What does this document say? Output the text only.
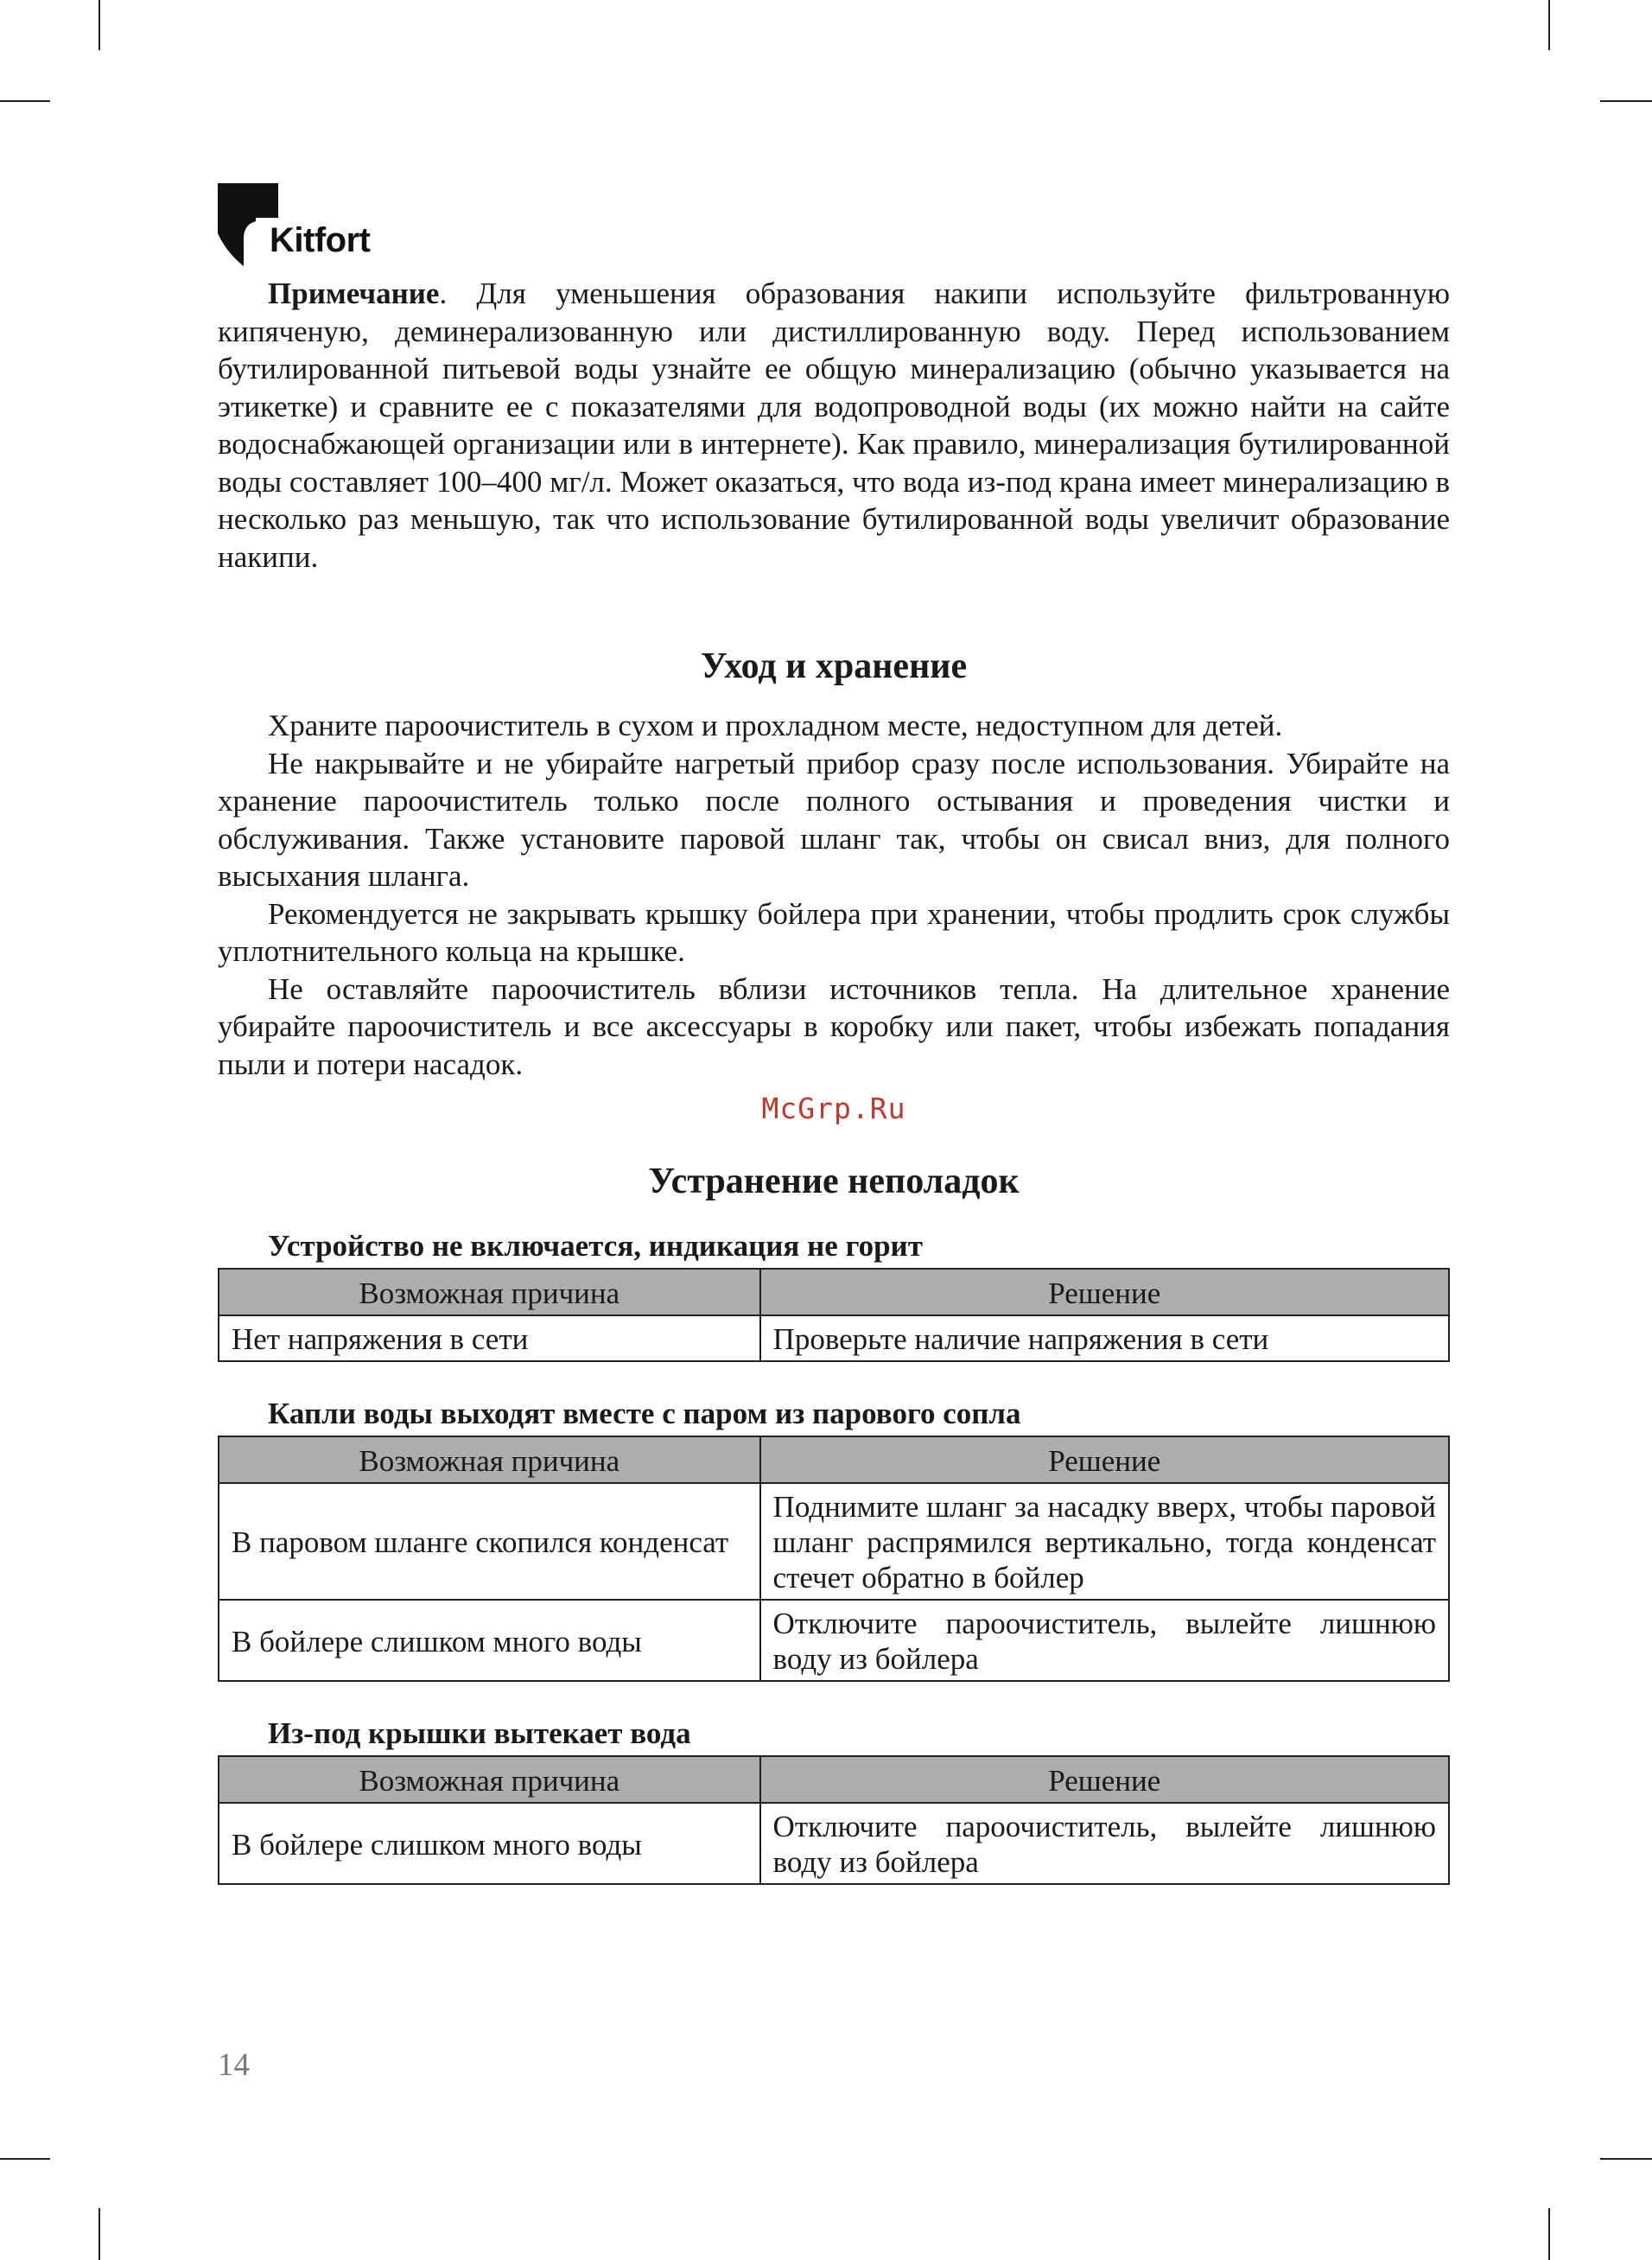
Kitfort

Примечание. Для уменьшения образования накипи используйте фильтрованную кипяченую, деминерализованную или дистиллированную воду. Перед использованием бутилированной питьевой воды узнайте ее общую минерализацию (обычно указывается на этикетке) и сравните ее с показателями для водопроводной воды (их можно найти на сайте водоснабжающей организации или в интернете). Как правило, минерализация бутилированной воды составляет 100–400 мг/л. Может оказаться, что вода из-под крана имеет минерализацию в несколько раз меньшую, так что использование бутилированной воды увеличит образование накипи.

Уход и хранение

Храните пароочиститель в сухом и прохладном месте, недоступном для детей.

Не накрывайте и не убирайте нагретый прибор сразу после использования. Убирайте на хранение пароочиститель только после полного остывания и проведения чистки и обслуживания. Также установите паровой шланг так, чтобы он свисал вниз, для полного высыхания шланга.

Рекомендуется не закрывать крышку бойлера при хранении, чтобы продлить срок службы уплотнительного кольца на крышке.

Не оставляйте пароочиститель вблизи источников тепла. На длительное хранение убирайте пароочиститель и все аксессуары в коробку или пакет, чтобы избежать попадания пыли и потери насадок.

McGrp.Ru
Устранение неполадок
Устройство не включается, индикация не горит
Возможная причина	Решение
Нет напряжения в сети	Проверьте наличие напряжения в сети
Капли воды выходят вместе с паром из парового сопла
Возможная причина	Решение
В паровом шланге скопился конденсат	Поднимите шланг за насадку вверх, чтобы паровой шланг распрямился вертикально, тогда конденсат стечет обратно в бойлер
В бойлере слишком много воды	Отключите пароочиститель, вылейте лишнюю воду из бойлера
Из-под крышки вытекает вода
Возможная причина	Решение
В бойлере слишком много воды	Отключите пароочиститель, вылейте лишнюю воду из бойлера
14
